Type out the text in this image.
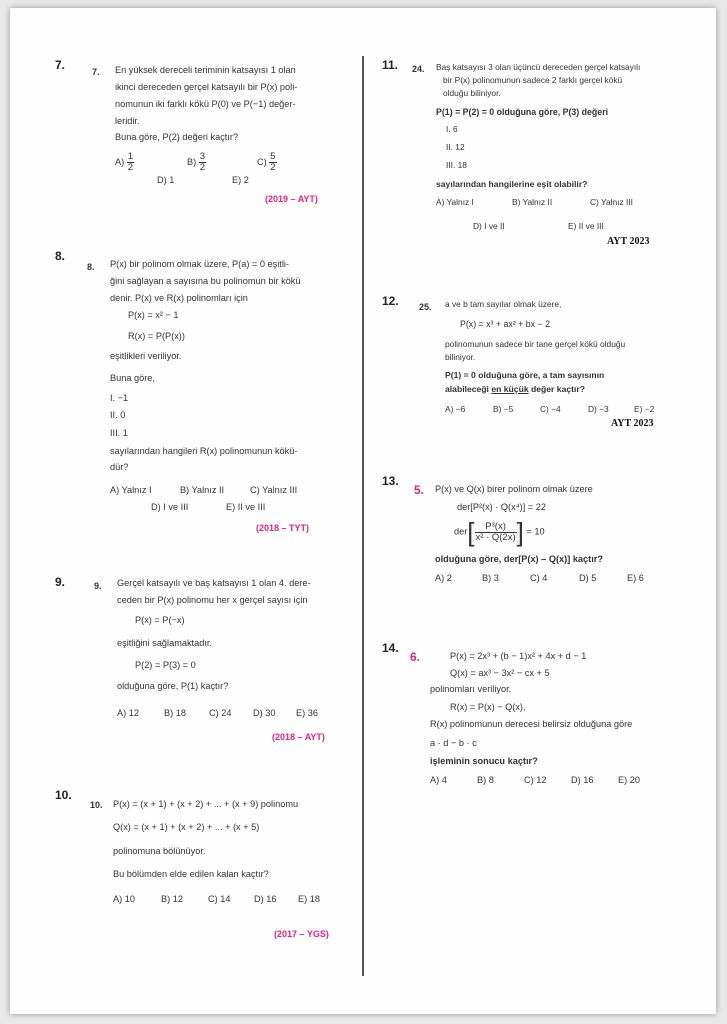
7.	7. En yüksek dereceli teriminin katsayısı 1 olan
ikinci dereceden gerçel katsayılı bir P(x) poli-
nomunun iki farklı kökü P(0) ve P(−1) değer-
leridir.
Buna göre, P(2) değeri kaçtır?
$A) \frac{1}{2}$	$B) \frac{3}{2}$	$C) \frac{5}{2}$
D) 1	E) 2
(2019 – AYT)
8.
8. P(x) bir polinom olmak üzere, P(a) = 0 eşitli-
ğini sağlayan a sayısına bu polinomun bir kökü
denir. P(x) ve R(x) polinomları için
P(x) = x² − 1
R(x) = P(P(x))
eşitlikleri veriliyor.
Buna göre,
I. −1
II. 0
III. 1
sayılarından hangileri R(x) polinomunun kökü-
dür?
A) Yalnız I	B) Yalnız II	C) Yalnız III
D) I ve III	E) II ve III
(2018 – TYT)
9.	9. Gerçel katsayılı ve baş katsayısı 1 olan 4. dere-
ceden bir P(x) polinomu her x gerçel sayısı için
P(x) = P(−x)
eşitliğini sağlamaktadır.
P(2) = P(3) = 0
olduğuna göre, P(1) kaçtır?
A) 12	B) 18	C) 24 D) 30 E) 36
(2018 – AYT)
10.
10. P(x) = (x + 1) + (x + 2) + ... + (x + 9) polinomu
Q(x) = (x + 1) + (x + 2) + ... + (x + 5)
polinomuna bölünüyor.
Bu bölümden elde edilen kalan kaçtır?
A) 10	B) 12	C) 14	D) 16 E) 18
(2017 – YGS)
11. 24. Baş katsayısı 3 olan üçüncü dereceden gerçel katsayılı
bir P(x) polinomunun sadece 2 farklı gerçel kökü
olduğu biliniyor.
P(1) = P(2) = 0 olduğuna göre, P(3) değeri
I. 6
II. 12
III. 18
sayılarından hangilerine eşit olabilir?
A) Yalnız I	B) Yalnız II	C) Yalnız III
D) I ve II	E) II ve III
AYT 2023
12. 25. a ve b tam sayılar olmak üzere,
P(x) = x³ + ax² + bx − 2
polinomunun sadece bir tane gerçel kökü olduğu
biliniyor.
P(1) = 0 olduğuna göre, a tam sayısının
alabileceği en küçük değer kaçtır?
A) −6	B) −5	C) −4	D) −3	E) −2
AYT 2023
13.
5. P(x) ve Q(x) birer polinom olmak üzere
der[P²(x) · Q(x⁴)] = 22
$der[ \frac{\text{P³(x)}}{\text{x² · Q(2x)}}$ ] = 10
olduğuna göre, der[P(x) – Q(x)] kaçtır?
A) 2	B) 3	C) 4	D) 5	E) 6
14.
6.	P(x) = 2x³ + (b − 1)x² + 4x + d − 1
Q(x) = ax³ − 3x² − cx + 5
polinomları veriliyor.
R(x) = P(x) − Q(x),
R(x) polinomunun derecesi belirsiz olduğuna göre
a · d − b · c
işleminin sonucu kaçtır?
A) 4	B) 8	C) 12	D) 16	E) 20
